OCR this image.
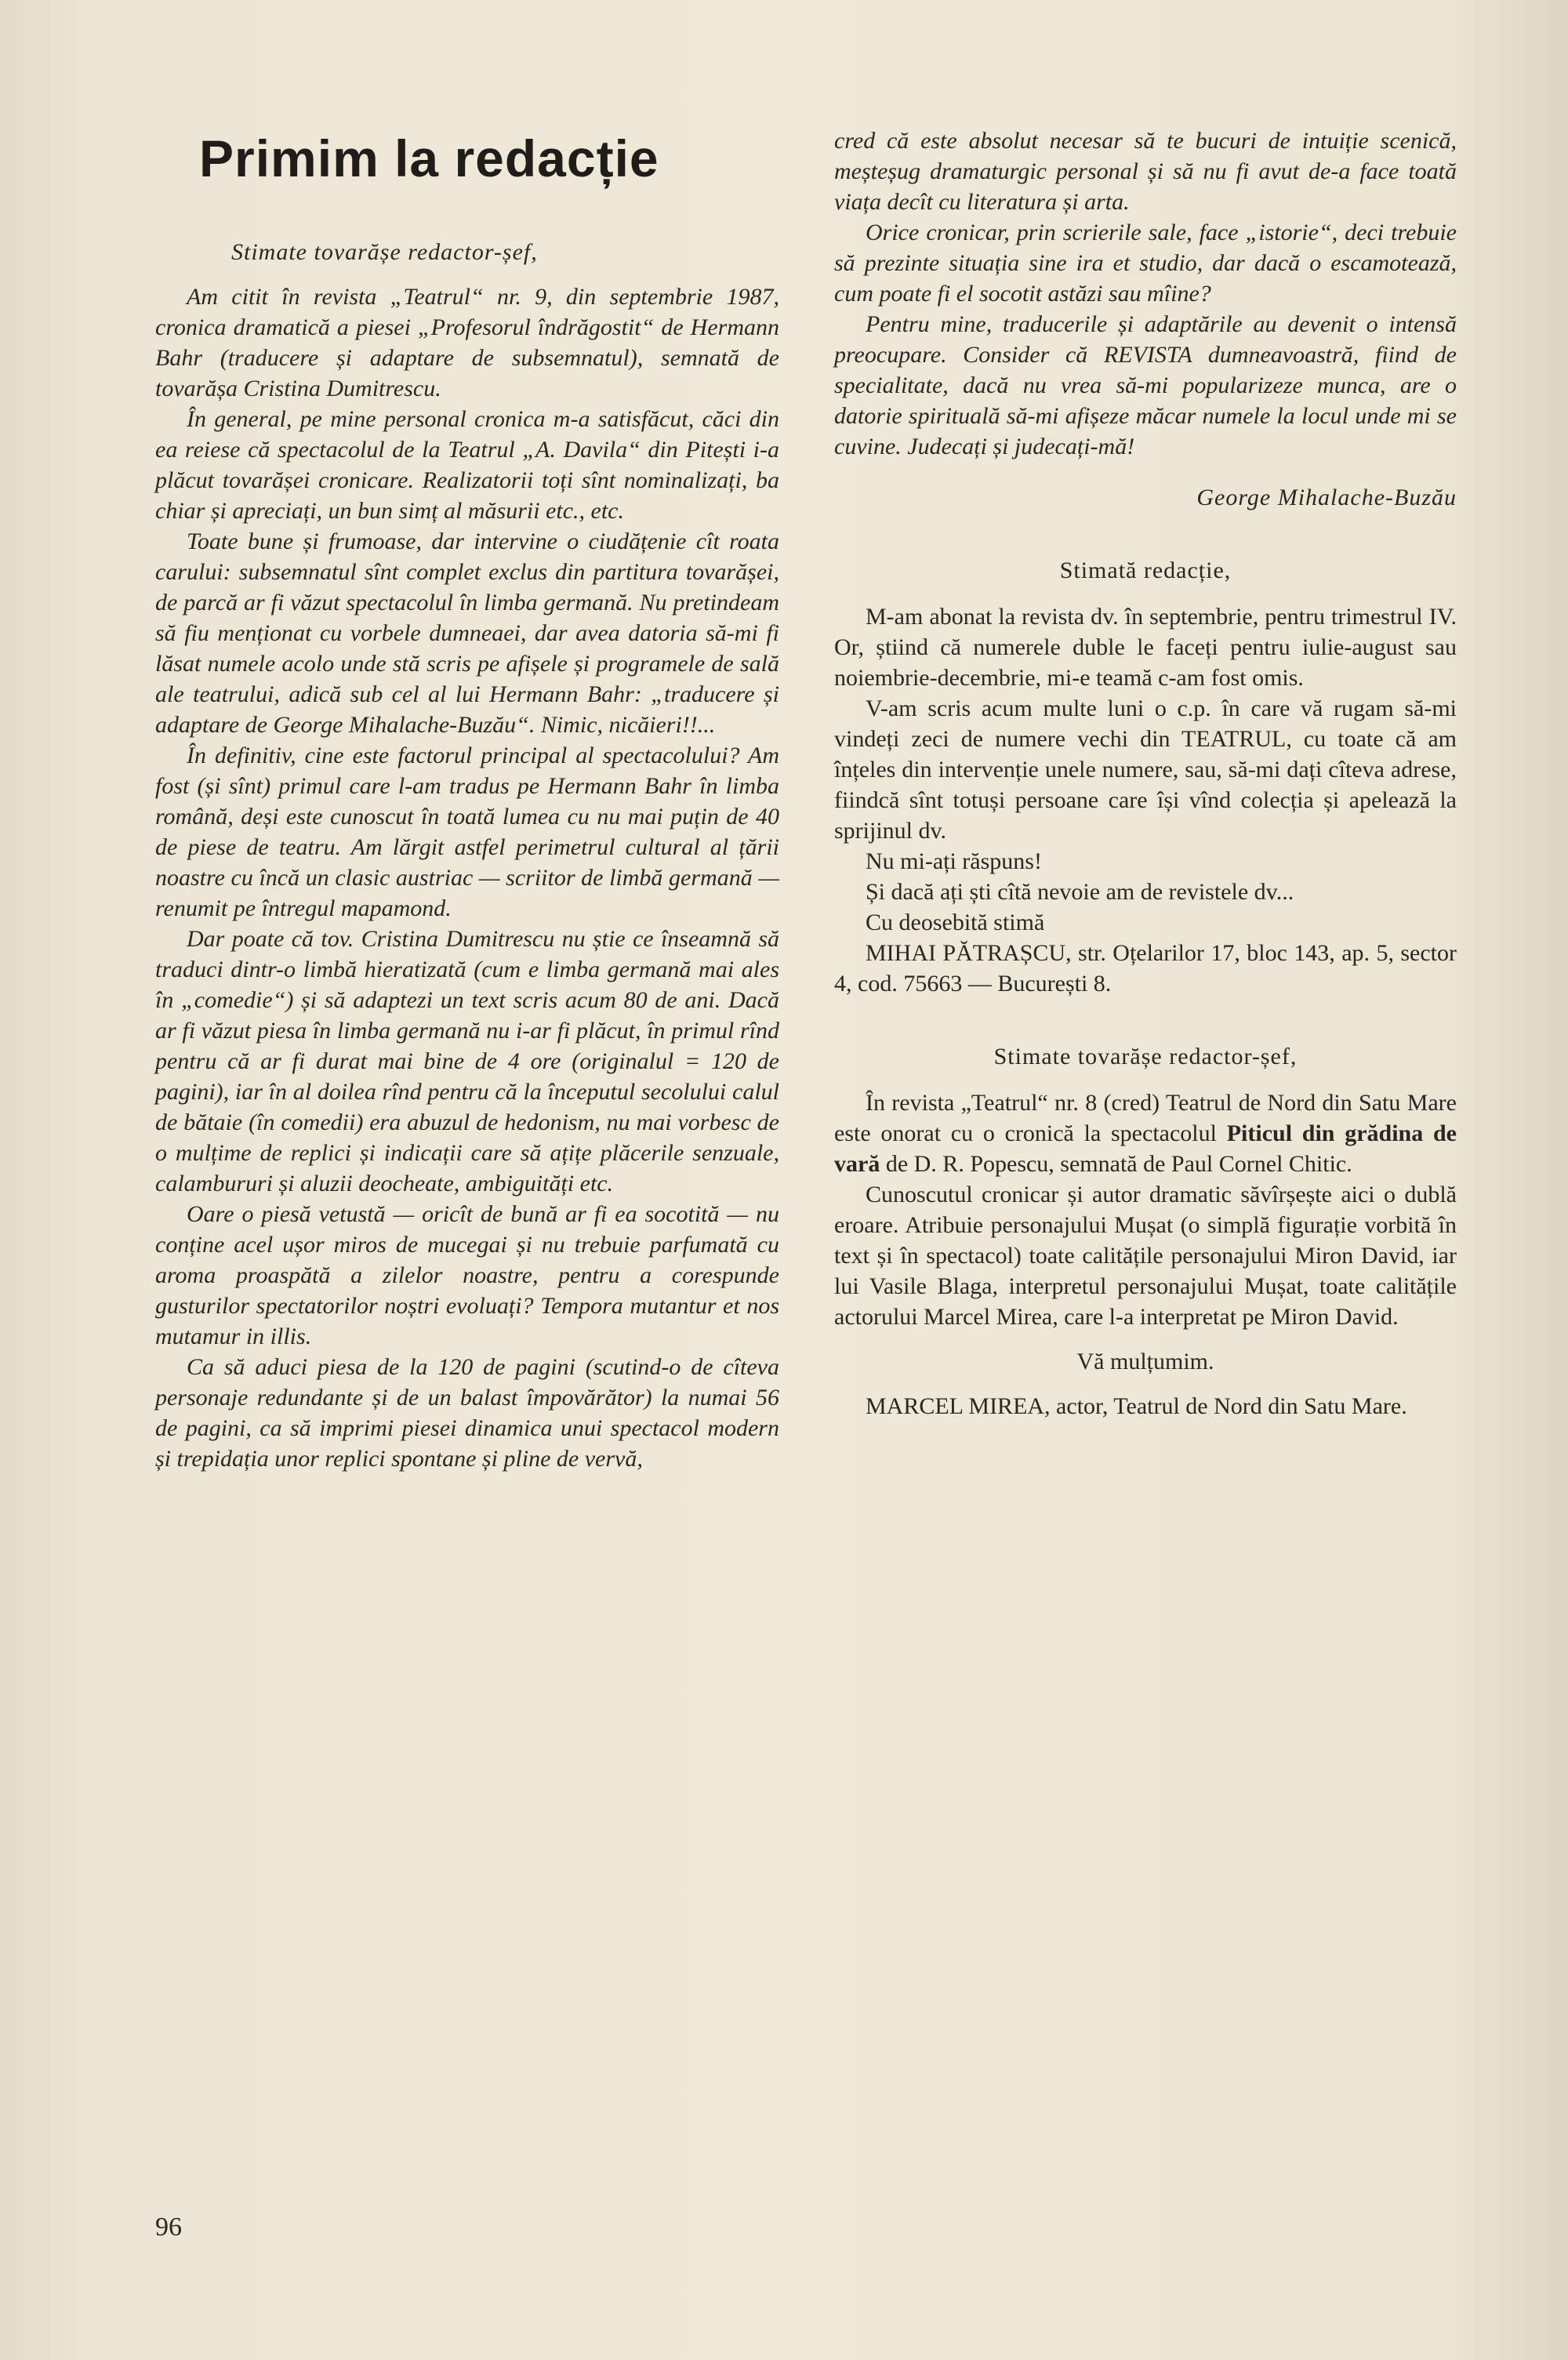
Primim la redacție

Stimate tovarășe redactor-șef,

Am citit în revista „Teatrul“ nr. 9, din septembrie 1987, cronica dramatică a piesei „Profesorul îndrăgostit“ de Hermann Bahr (traducere și adaptare de subsemnatul), semnată de tovarășa Cristina Dumitrescu.

În general, pe mine personal cronica m-a satisfăcut, căci din ea reiese că spectacolul de la Teatrul „A. Davila“ din Pitești i-a plăcut tovarășei cronicare. Realizatorii toți sînt nominalizați, ba chiar și apreciați, un bun simț al măsurii etc., etc.

Toate bune și frumoase, dar intervine o ciudățenie cît roata carului: subsemnatul sînt complet exclus din partitura tovarășei, de parcă ar fi văzut spectacolul în limba germană. Nu pretindeam să fiu menționat cu vorbele dumneaei, dar avea datoria să-mi fi lăsat numele acolo unde stă scris pe afișele și programele de sală ale teatrului, adică sub cel al lui Hermann Bahr: „traducere și adaptare de George Mihalache-Buzău“. Nimic, nicăieri!!...

În definitiv, cine este factorul principal al spectacolului? Am fost (și sînt) primul care l-am tradus pe Hermann Bahr în limba română, deși este cunoscut în toată lumea cu nu mai puțin de 40 de piese de teatru. Am lărgit astfel perimetrul cultural al țării noastre cu încă un clasic austriac — scriitor de limbă germană — renumit pe întregul mapamond.

Dar poate că tov. Cristina Dumitrescu nu știe ce înseamnă să traduci dintr-o limbă hieratizată (cum e limba germană mai ales în „comedie“) și să adaptezi un text scris acum 80 de ani. Dacă ar fi văzut piesa în limba germană nu i-ar fi plăcut, în primul rînd pentru că ar fi durat mai bine de 4 ore (originalul = 120 de pagini), iar în al doilea rînd pentru că la începutul secolului calul de bătaie (în comedii) era abuzul de hedonism, nu mai vorbesc de o mulțime de replici și indicații care să ațițe plăcerile senzuale, calambururi și aluzii deocheate, ambiguități etc.

Oare o piesă vetustă — oricît de bună ar fi ea socotită — nu conține acel ușor miros de mucegai și nu trebuie parfumată cu aroma proaspătă a zilelor noastre, pentru a corespunde gusturilor spectatorilor noștri evoluați? Tempora mutantur et nos mutamur in illis.

Ca să aduci piesa de la 120 de pagini (scutind-o de cîteva personaje redundante și de un balast împovărător) la numai 56 de pagini, ca să imprimi piesei dinamica unui spectacol modern și trepidația unor replici spontane și pline de vervă,

cred că este absolut necesar să te bucuri de intuiție scenică, meșteșug dramaturgic personal și să nu fi avut de-a face toată viața decît cu literatura și arta.

Orice cronicar, prin scrierile sale, face „istorie“, deci trebuie să prezinte situația sine ira et studio, dar dacă o escamotează, cum poate fi el socotit astăzi sau mîine?

Pentru mine, traducerile și adaptările au devenit o intensă preocupare. Consider că REVISTA dumneavoastră, fiind de specialitate, dacă nu vrea să-mi popularizeze munca, are o datorie spirituală să-mi afișeze măcar numele la locul unde mi se cuvine. Judecați și judecați-mă!

George Mihalache-Buzău

Stimată redacție,

M-am abonat la revista dv. în septembrie, pentru trimestrul IV. Or, știind că numerele duble le faceți pentru iulie-august sau noiembrie-decembrie, mi-e teamă c-am fost omis.

V-am scris acum multe luni o c.p. în care vă rugam să-mi vindeți zeci de numere vechi din TEATRUL, cu toate că am înțeles din intervenție unele numere, sau, să-mi dați cîteva adrese, fiindcă sînt totuși persoane care își vînd colecția și apelează la sprijinul dv.

Nu mi-ați răspuns!

Și dacă ați ști cîtă nevoie am de revistele dv...

Cu deosebită stimă

MIHAI PĂTRAȘCU, str. Oțelarilor 17, bloc 143, ap. 5, sector 4, cod. 75663 — București 8.

Stimate tovarășe redactor-șef,

În revista „Teatrul“ nr. 8 (cred) Teatrul de Nord din Satu Mare este onorat cu o cronică la spectacolul Piticul din grădina de vară de D. R. Popescu, semnată de Paul Cornel Chitic.

Cunoscutul cronicar și autor dramatic săvîrșește aici o dublă eroare. Atribuie personajului Mușat (o simplă figurație vorbită în text și în spectacol) toate calitățile personajului Miron David, iar lui Vasile Blaga, interpretul personajului Mușat, toate calitățile actorului Marcel Mirea, care l-a interpretat pe Miron David.

Vă mulțumim.

MARCEL MIREA, actor, Teatrul de Nord din Satu Mare.

96
